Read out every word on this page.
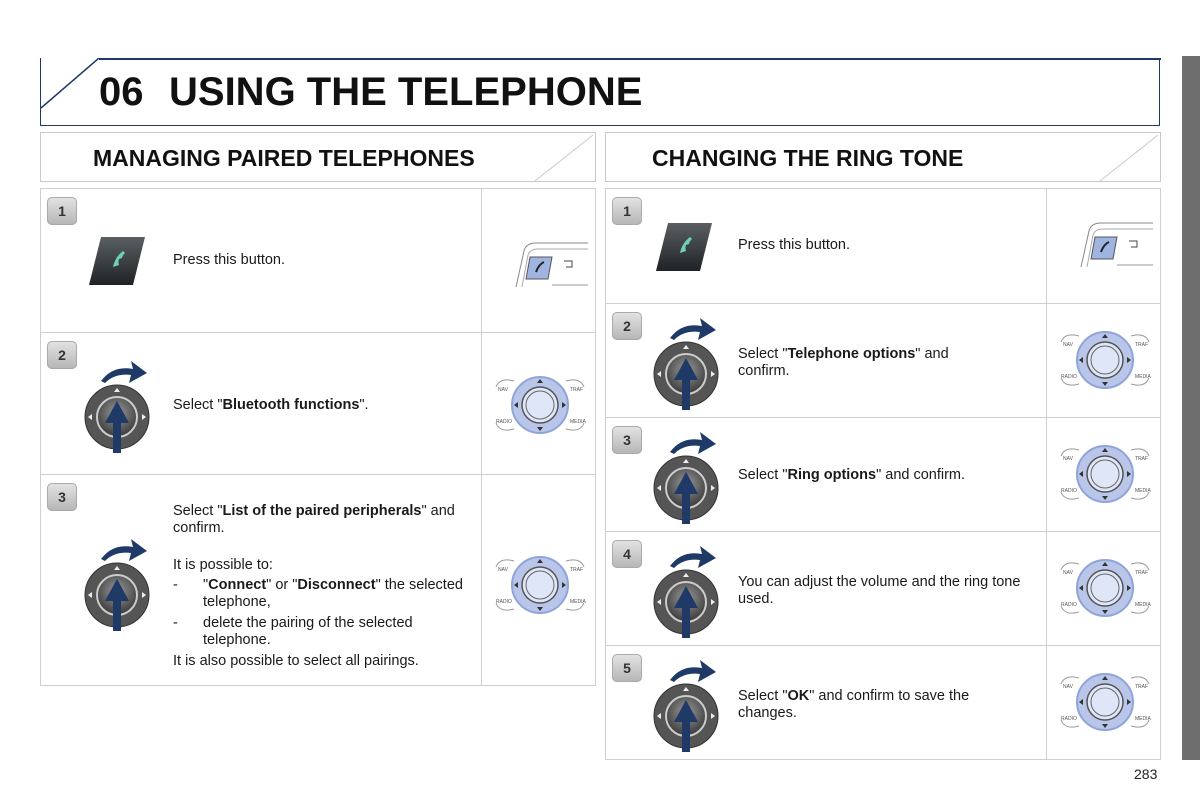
06 USING THE TELEPHONE
MANAGING PAIRED TELEPHONES
1
Press this button.
2
Select "Bluetooth functions".
NAV	TRAF
RADIO	MEDIA
3
Select "List of the paired peripherals" and confirm.
It is possible to:
-	"Connect" or "Disconnect" the selected telephone,
-	delete the pairing of the selected telephone.
It is also possible to select all pairings.
NAV	TRAF
RADIO	MEDIA
CHANGING THE RING TONE
1
Press this button.
2
Select "Telephone options" and confirm.
NAV	TRAF
RADIO	MEDIA
3
Select "Ring options" and confirm.
NAV	TRAF
RADIO	MEDIA
4
You can adjust the volume and the ring tone used.
NAV	TRAF
RADIO	MEDIA
5
Select "OK" and confirm to save the changes.
NAV	TRAF
RADIO	MEDIA
283
